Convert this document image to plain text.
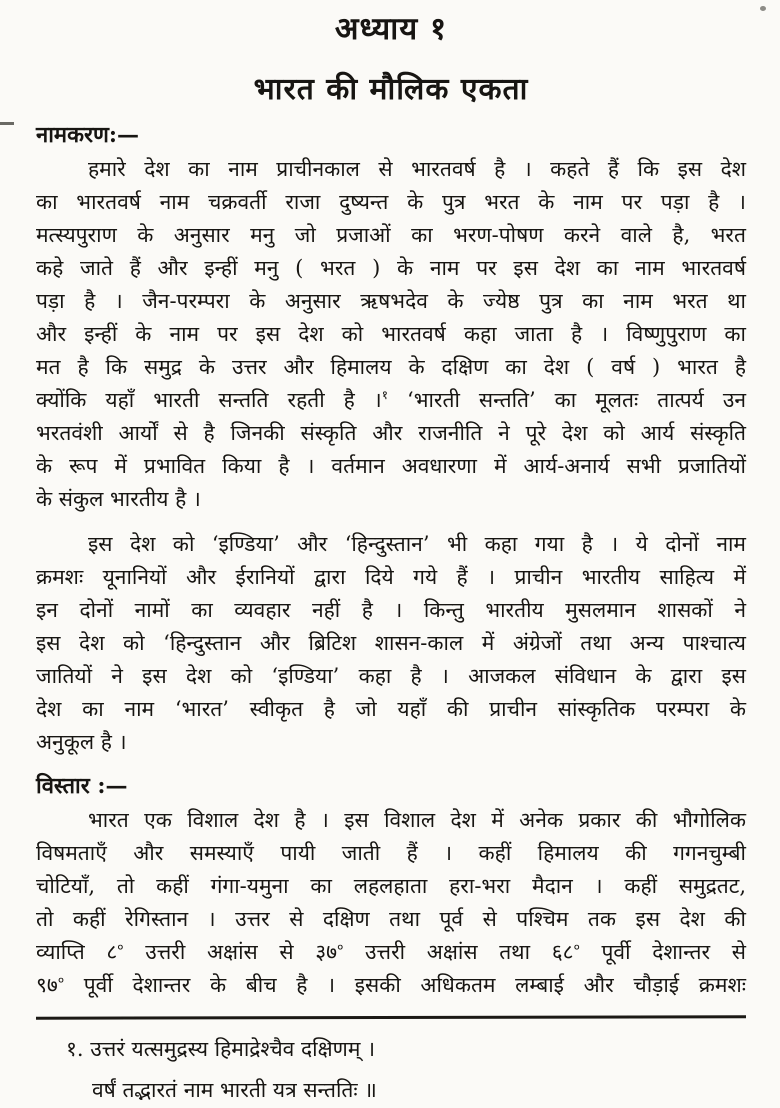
अध्याय १
भारत की मौलिक एकता
नामकरण:—
हमारे देश का नाम प्राचीनकाल से भारतवर्ष है । कहते हैं कि इस देश
का भारतवर्ष नाम चक्रवर्ती राजा दुष्यन्त के पुत्र भरत के नाम पर पड़ा है ।
मत्स्यपुराण के अनुसार मनु जो प्रजाओं का भरण-पोषण करने वाले है, भरत
कहे जाते हैं और इन्हीं मनु ( भरत ) के नाम पर इस देश का नाम भारतवर्ष
पड़ा है । जैन-परम्परा के अनुसार ऋषभदेव के ज्येष्ठ पुत्र का नाम भरत था
और इन्हीं के नाम पर इस देश को भारतवर्ष कहा जाता है । विष्णुपुराण का
मत है कि समुद्र के उत्तर और हिमालय के दक्षिण का देश ( वर्ष ) भारत है
क्योंकि यहाँ भारती सन्तति रहती है ।$^१$ ‘भारती सन्तति’ का मूलतः तात्पर्य उन
भरतवंशी आर्यों से है जिनकी संस्कृति और राजनीति ने पूरे देश को आर्य संस्कृति
के रूप में प्रभावित किया है । वर्तमान अवधारणा में आर्य-अनार्य सभी प्रजातियों
के संकुल भारतीय है ।
इस देश को ‘इण्डिया’ और ‘हिन्दुस्तान’ भी कहा गया है । ये दोनों नाम
क्रमशः यूनानियों और ईरानियों द्वारा दिये गये हैं । प्राचीन भारतीय साहित्य में
इन दोनों नामों का व्यवहार नहीं है । किन्तु भारतीय मुसलमान शासकों ने
इस देश को ‘हिन्दुस्तान और ब्रिटिश शासन-काल में अंग्रेजों तथा अन्य पाश्चात्य
जातियों ने इस देश को ‘इण्डिया’ कहा है । आजकल संविधान के द्वारा इस
देश का नाम ‘भारत’ स्वीकृत है जो यहाँ की प्राचीन सांस्कृतिक परम्परा के
अनुकूल है ।
विस्तार :—
भारत एक विशाल देश है । इस विशाल देश में अनेक प्रकार की भौगोलिक
विषमताएँ और समस्याएँ पायी जाती हैं । कहीं हिमालय की गगनचुम्बी
चोटियाँ, तो कहीं गंगा-यमुना का लहलहाता हरा-भरा मैदान । कहीं समुद्रतट,
तो कहीं रेगिस्तान । उत्तर से दक्षिण तथा पूर्व से पश्चिम तक इस देश की
व्याप्ति $८^०$ उत्तरी अक्षांस से $३७^०$ उत्तरी अक्षांस तथा $६८^०$ पूर्वी देशान्तर से
$९७^०$ पूर्वी देशान्तर के बीच है । इसकी अधिकतम लम्बाई और चौड़ाई क्रमशः
१. उत्तरं यत्समुद्रस्य हिमाद्रेश्चैव दक्षिणम् ।
वर्षं तद्भारतं नाम भारती यत्र सन्ततिः ॥
